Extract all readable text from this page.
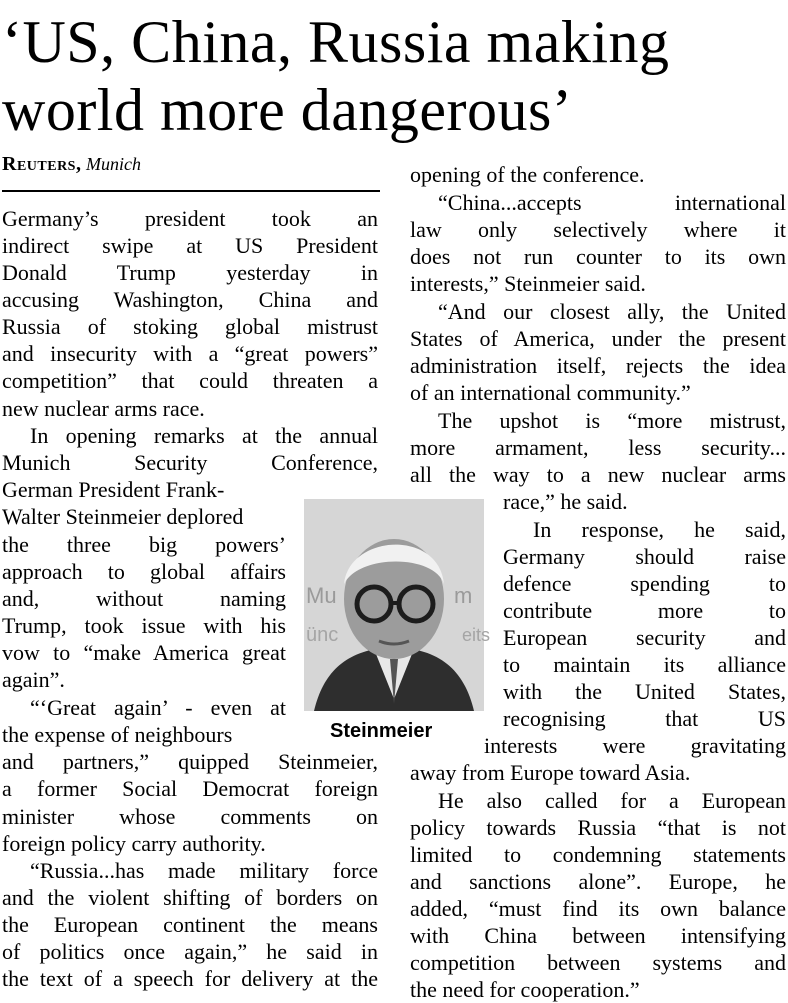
‘US, China, Russia making
world more dangerous’
Reuters, Munich
Germany’s president took an
indirect swipe at US President
Donald Trump yesterday in
accusing Washington, China and
Russia of stoking global mistrust
and insecurity with a “great powers”
competition” that could threaten a
new nuclear arms race.
In opening remarks at the annual
Munich Security Conference,
German President Frank-
Walter Steinmeier deplored
the three big powers’
approach to global affairs
and, without naming
Trump, took issue with his
vow to “make America great
again”.
“‘Great again’ - even at
the expense of neighbours
and partners,” quipped Steinmeier,
a former Social Democrat foreign
minister whose comments on
foreign policy carry authority.
“Russia...has made military force
and the violent shifting of borders on
the European continent the means
of politics once again,” he said in
the text of a speech for delivery at the
opening of the conference.
“China...accepts international
law only selectively where it
does not run counter to its own
interests,” Steinmeier said.
“And our closest ally, the United
States of America, under the present
administration itself, rejects the idea
of an international community.”
The upshot is “more mistrust,
more armament, less security...
all the way to a new nuclear arms
race,” he said.
In response, he said,
Germany should raise
defence spending to
contribute more to
European security and
to maintain its alliance
with the United States,
recognising that US
interests were gravitating
away from Europe toward Asia.
He also called for a European
policy towards Russia “that is not
limited to condemning statements
and sanctions alone”. Europe, he
added, “must find its own balance
with China between intensifying
competition between systems and
the need for cooperation.”
Mu
ünc
m
eits
Steinmeier
